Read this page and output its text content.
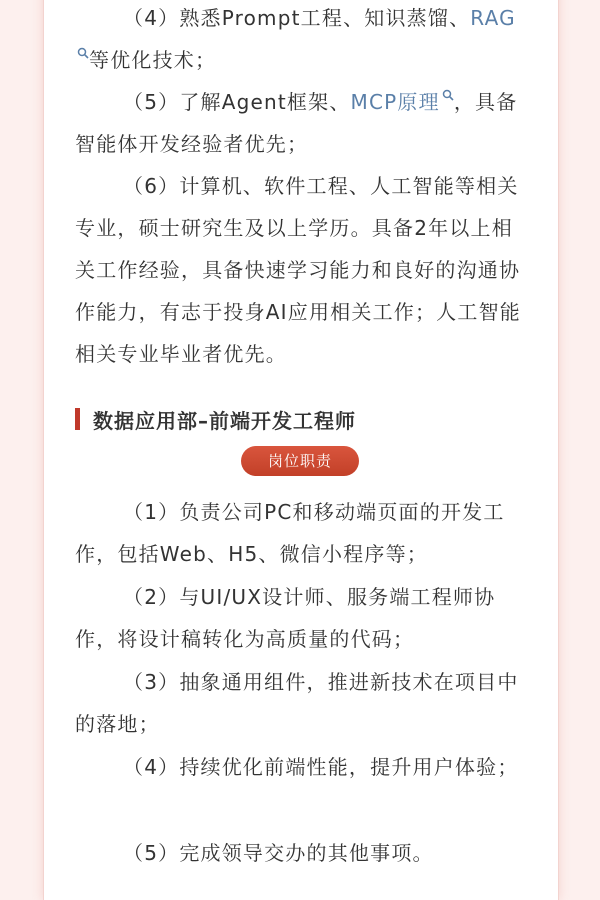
（4）熟悉Prompt工程、知识蒸馏、RAG等优化技术；

（5）了解Agent框架、MCP原理 ，具备智能体开发经验者优先；

（6）计算机、软件工程、人工智能等相关专业，硕士研究生及以上学历。具备2年以上相关工作经验，具备快速学习能力和良好的沟通协作能力，有志于投身AI应用相关工作；人工智能相关专业毕业者优先。

数据应用部–前端开发工程师
岗位职责

（1）负责公司PC和移动端页面的开发工作，包括Web、H5、微信小程序等；

（2）与UI/UX设计师、服务端工程师协作，将设计稿转化为高质量的代码；

（3）抽象通用组件，推进新技术在项目中的落地；

（4）持续优化前端性能，提升用户体验；

（5）完成领导交办的其他事项。
